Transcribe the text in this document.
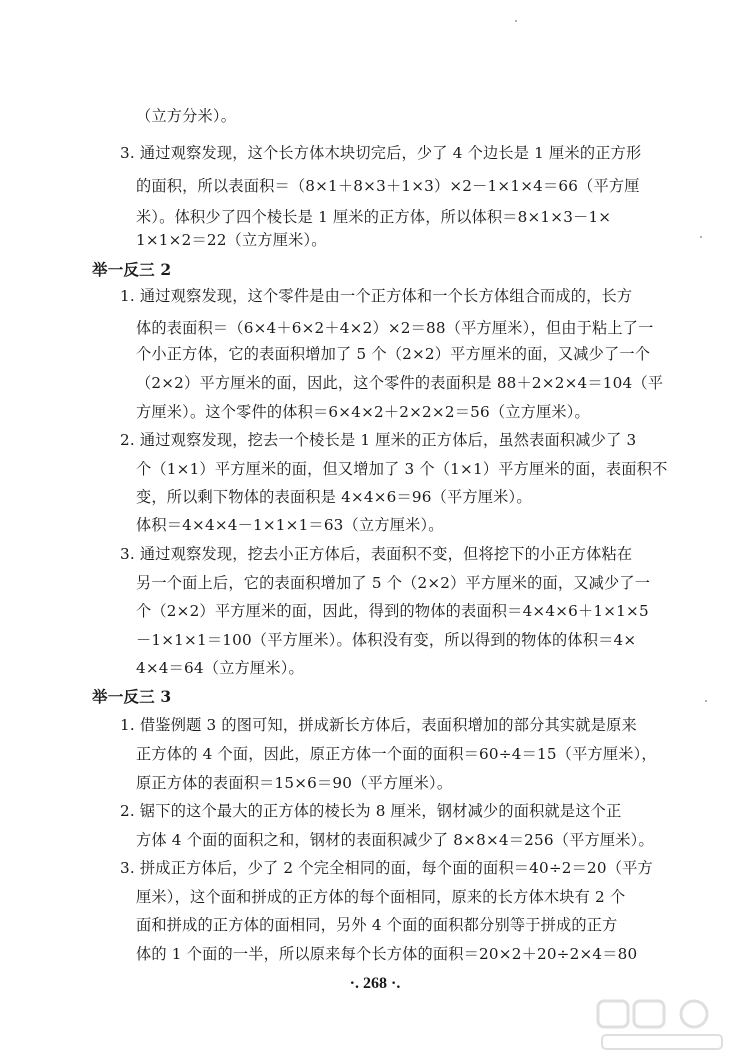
（立方分米）。
3. 通过观察发现，这个长方体木块切完后，少了 4 个边长是 1 厘米的正方形
的面积，所以表面积＝（8×1＋8×3＋1×3）×2－1×1×4＝66（平方厘
米）。体积少了四个棱长是 1 厘米的正方体，所以体积＝8×1×3－1×
1×1×2＝22（立方厘米）。
举一反三 2
1. 通过观察发现，这个零件是由一个正方体和一个长方体组合而成的，长方
体的表面积＝（6×4＋6×2＋4×2）×2＝88（平方厘米），但由于粘上了一
个小正方体，它的表面积增加了 5 个（2×2）平方厘米的面，又减少了一个
（2×2）平方厘米的面，因此，这个零件的表面积是 88＋2×2×4＝104（平
方厘米）。这个零件的体积＝6×4×2＋2×2×2＝56（立方厘米）。
2. 通过观察发现，挖去一个棱长是 1 厘米的正方体后，虽然表面积减少了 3
个（1×1）平方厘米的面，但又增加了 3 个（1×1）平方厘米的面，表面积不
变，所以剩下物体的表面积是 4×4×6＝96（平方厘米）。
体积＝4×4×4－1×1×1＝63（立方厘米）。
3. 通过观察发现，挖去小正方体后，表面积不变，但将挖下的小正方体粘在
另一个面上后，它的表面积增加了 5 个（2×2）平方厘米的面，又减少了一
个（2×2）平方厘米的面，因此，得到的物体的表面积＝4×4×6＋1×1×5
－1×1×1＝100（平方厘米）。体积没有变，所以得到的物体的体积＝4×
4×4＝64（立方厘米）。
举一反三 3
1. 借鉴例题 3 的图可知，拼成新长方体后，表面积增加的部分其实就是原来
正方体的 4 个面，因此，原正方体一个面的面积＝60÷4＝15（平方厘米），
原正方体的表面积＝15×6＝90（平方厘米）。
2. 锯下的这个最大的正方体的棱长为 8 厘米，钢材减少的面积就是这个正
方体 4 个面的面积之和，钢材的表面积减少了 8×8×4＝256（平方厘米）。
3. 拼成正方体后，少了 2 个完全相同的面，每个面的面积＝40÷2＝20（平方
厘米），这个面和拼成的正方体的每个面相同，原来的长方体木块有 2 个
面和拼成的正方体的面相同，另外 4 个面的面积都分别等于拼成的正方
体的 1 个面的一半，所以原来每个长方体的面积＝20×2＋20÷2×4＝80
·. 268 ·.
